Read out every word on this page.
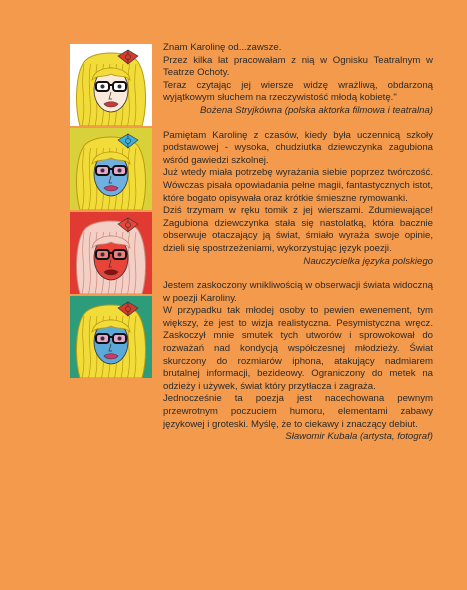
Znam Karolinę od...zawsze.

Przez kilka lat pracowałam z nią w Ognisku Teatralnym w Teatrze Ochoty.

Teraz czytając jej wiersze widzę wrażliwą, obdarzoną wyjątkowym słuchem na rzeczywistość młodą kobietę."

Bożena Stryjkówna (polska aktorka filmowa i teatralna)

Pamiętam Karolinę z czasów, kiedy była uczennicą szkoły podstawowej - wysoka, chudziutka dziewczynka zagubiona wśród gawiedzi szkolnej.

Już wtedy miała potrzebę wyrażania siebie poprzez twórczość. Wówczas pisała opowiadania pełne magii, fantastycznych istot, które bogato opisywała oraz krótkie śmieszne rymowanki.

Dziś trzymam w ręku tomik z jej wierszami. Zdumiewające! Zagubiona dziewczynka stała się nastolatką, która bacznie obserwuje otaczający ją świat, śmiało wyraża swoje opinie, dzieli się spostrzeżeniami, wykorzystując język poezji.

Nauczycielka języka polskiego

Jestem zaskoczony wnikliwością w obserwacji świata widoczną w poezji Karoliny.

W przypadku tak młodej osoby to pewien ewenement, tym większy, że jest to wizja realistyczna. Pesymistyczna wręcz. Zaskoczył mnie smutek tych utworów i sprowokował do rozważań nad kondycją współczesnej młodzieży. Świat skurczony do rozmiarów iphona, atakujący nadmiarem brutalnej informacji, bezideowy. Ograniczony do metek na odzieży i używek, świat który przytłacza i zagraża.

Jednocześnie ta poezja jest nacechowana pewnym przewrotnym poczuciem humoru, elementami zabawy językowej i groteski. Myślę, że to ciekawy i znaczący debiut.

Sławomir Kubala (artysta, fotograf)
